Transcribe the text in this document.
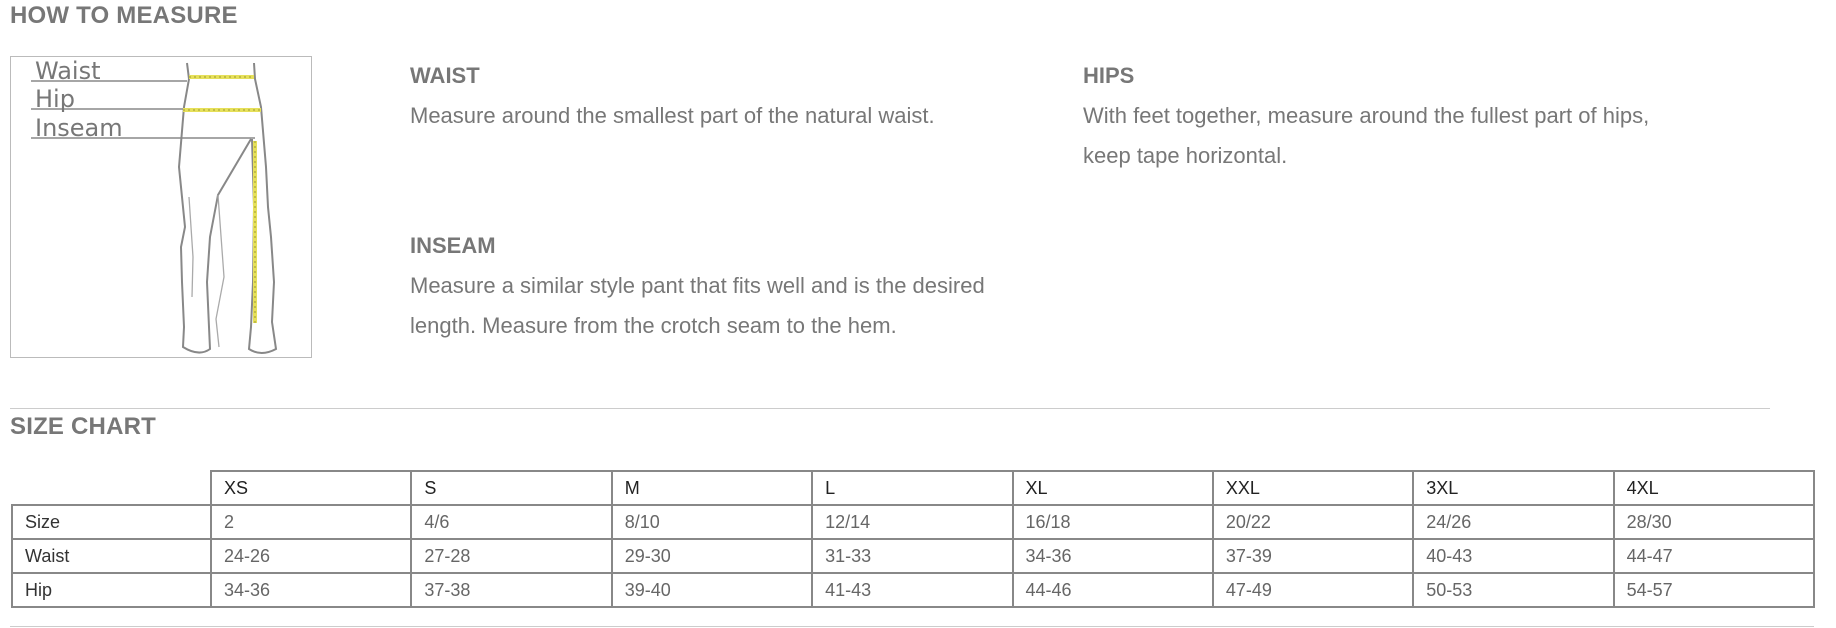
HOW TO MEASURE
Waist
Hip
Inseam
WAIST

Measure around the smallest part of the natural waist.

HIPS

With feet together, measure around the fullest part of hips, keep tape horizontal.

INSEAM

Measure a similar style pant that fits well and is the desired length. Measure from the crotch seam to the hem.

SIZE CHART
	XS	S	M	L	XL	XXL	3XL	4XL
Size	2	4/6	8/10	12/14	16/18	20/22	24/26	28/30
Waist	24-26	27-28	29-30	31-33	34-36	37-39	40-43	44-47
Hip	34-36	37-38	39-40	41-43	44-46	47-49	50-53	54-57
